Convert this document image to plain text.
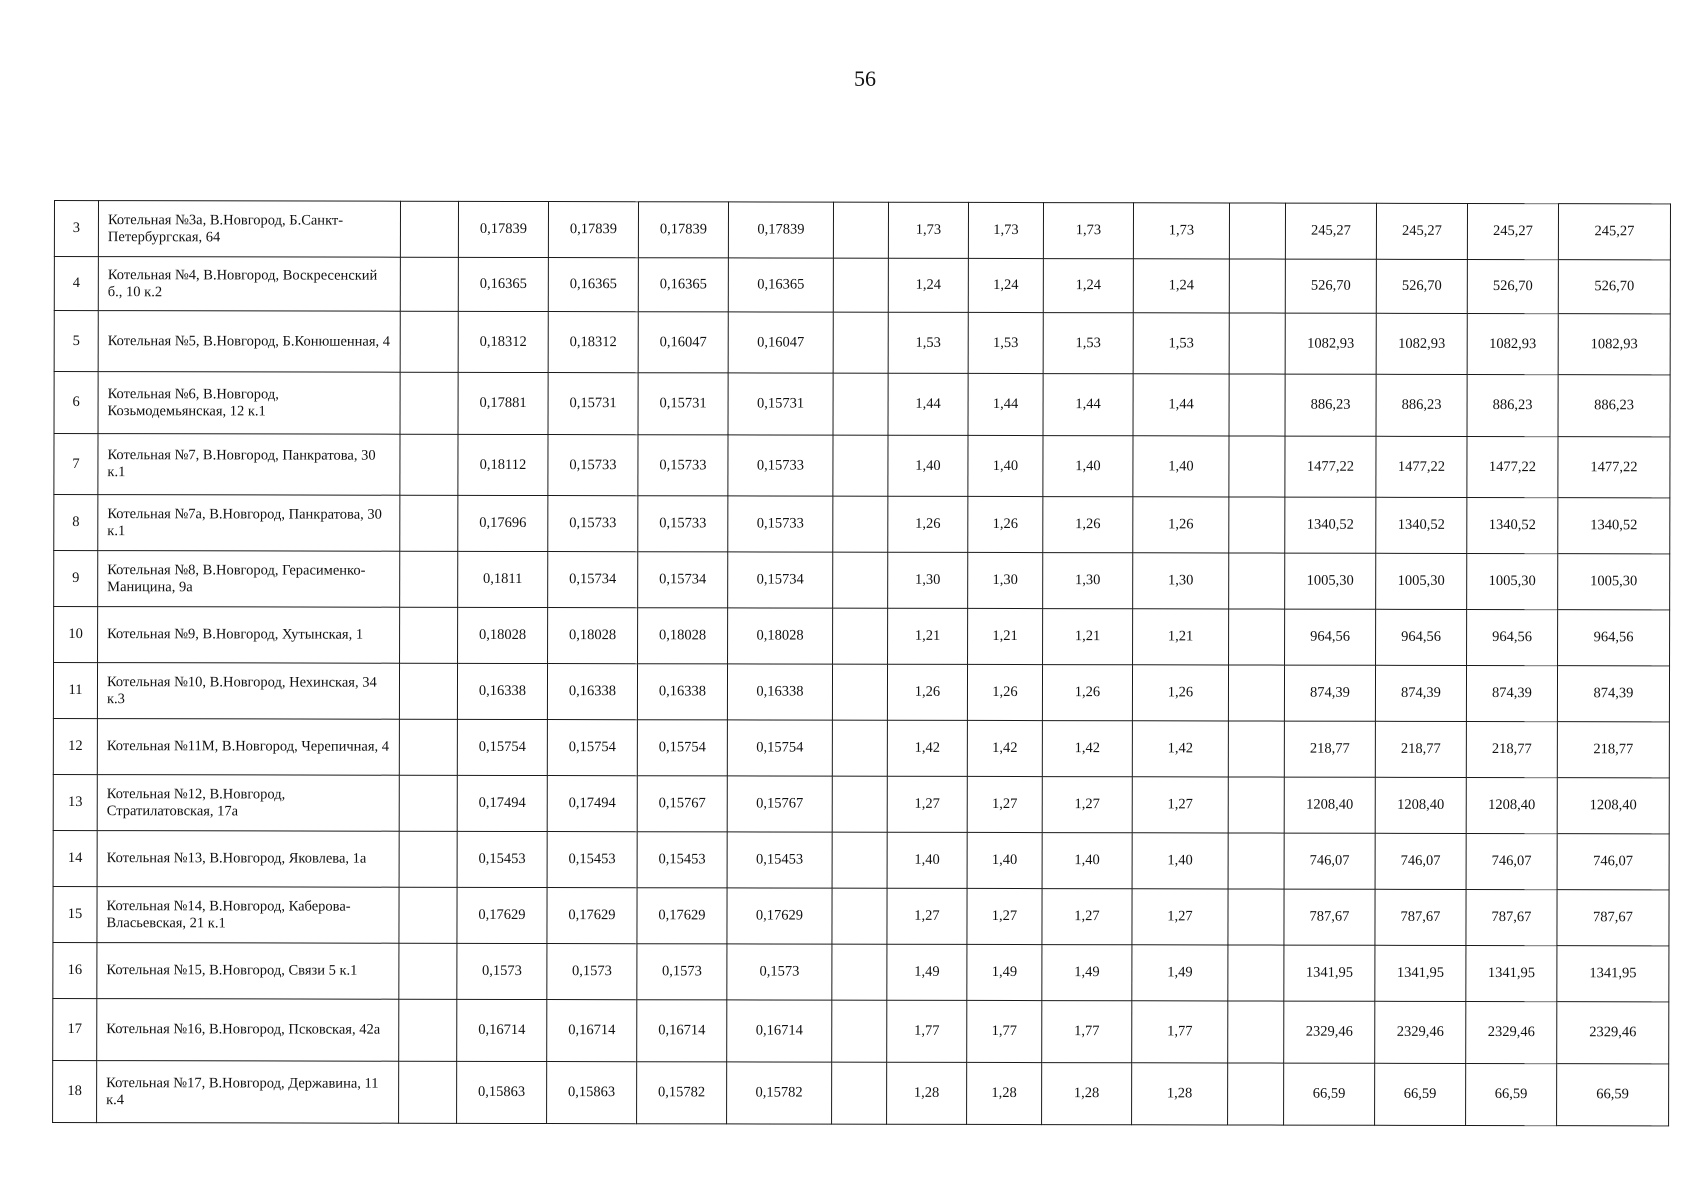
56
3	Котельная №3а, В.Новгород, Б.Санкт-Петербургская, 64		0,17839	0,17839	0,17839	0,17839		1,73	1,73	1,73	1,73		245,27	245,27	245,27	245,27
4	Котельная №4, В.Новгород, Воскресенский б., 10 к.2		0,16365	0,16365	0,16365	0,16365		1,24	1,24	1,24	1,24		526,70	526,70	526,70	526,70
5	Котельная №5, В.Новгород, Б.Конюшенная, 4		0,18312	0,18312	0,16047	0,16047		1,53	1,53	1,53	1,53		1082,93	1082,93	1082,93	1082,93
6	Котельная №6, В.Новгород, Козьмодемьянская, 12 к.1		0,17881	0,15731	0,15731	0,15731		1,44	1,44	1,44	1,44		886,23	886,23	886,23	886,23
7	Котельная №7, В.Новгород, Панкратова, 30 к.1		0,18112	0,15733	0,15733	0,15733		1,40	1,40	1,40	1,40		1477,22	1477,22	1477,22	1477,22
8	Котельная №7а, В.Новгород, Панкратова, 30 к.1		0,17696	0,15733	0,15733	0,15733		1,26	1,26	1,26	1,26		1340,52	1340,52	1340,52	1340,52
9	Котельная №8, В.Новгород, Герасименко-Маницина, 9а		0,1811	0,15734	0,15734	0,15734		1,30	1,30	1,30	1,30		1005,30	1005,30	1005,30	1005,30
10	Котельная №9, В.Новгород, Хутынская, 1		0,18028	0,18028	0,18028	0,18028		1,21	1,21	1,21	1,21		964,56	964,56	964,56	964,56
11	Котельная №10, В.Новгород, Нехинская, 34 к.3		0,16338	0,16338	0,16338	0,16338		1,26	1,26	1,26	1,26		874,39	874,39	874,39	874,39
12	Котельная №11М, В.Новгород, Черепичная, 4		0,15754	0,15754	0,15754	0,15754		1,42	1,42	1,42	1,42		218,77	218,77	218,77	218,77
13	Котельная №12, В.Новгород, Стратилатовская, 17а		0,17494	0,17494	0,15767	0,15767		1,27	1,27	1,27	1,27		1208,40	1208,40	1208,40	1208,40
14	Котельная №13, В.Новгород, Яковлева, 1а		0,15453	0,15453	0,15453	0,15453		1,40	1,40	1,40	1,40		746,07	746,07	746,07	746,07
15	Котельная №14, В.Новгород, Каберова-Власьевская, 21 к.1		0,17629	0,17629	0,17629	0,17629		1,27	1,27	1,27	1,27		787,67	787,67	787,67	787,67
16	Котельная №15, В.Новгород, Связи 5 к.1		0,1573	0,1573	0,1573	0,1573		1,49	1,49	1,49	1,49		1341,95	1341,95	1341,95	1341,95
17	Котельная №16, В.Новгород, Псковская, 42а		0,16714	0,16714	0,16714	0,16714		1,77	1,77	1,77	1,77		2329,46	2329,46	2329,46	2329,46
18	Котельная №17, В.Новгород, Державина, 11 к.4		0,15863	0,15863	0,15782	0,15782		1,28	1,28	1,28	1,28		66,59	66,59	66,59	66,59
